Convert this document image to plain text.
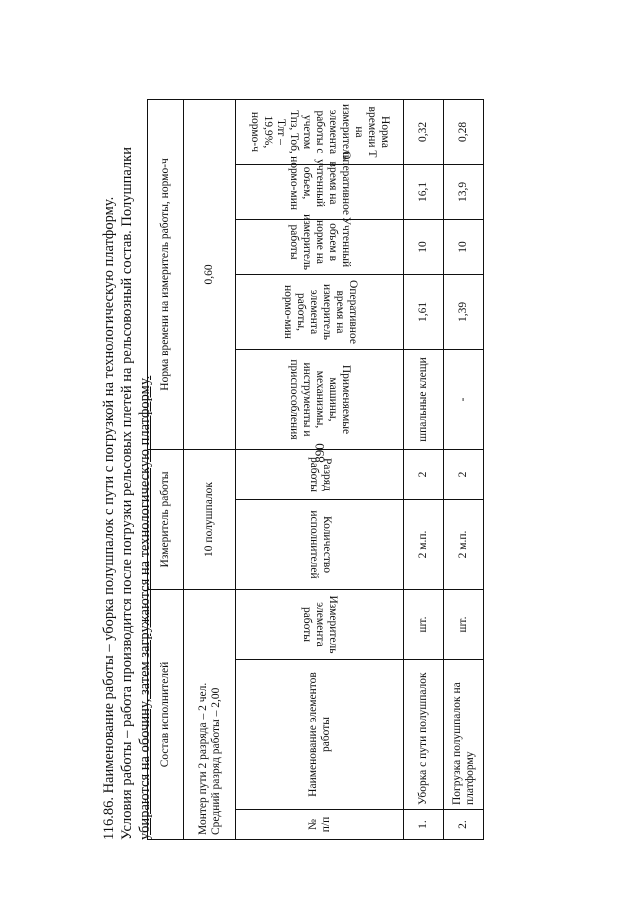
890

116.86. Наименование работы – уборка полушпалок с пути с погрузкой на технологическую платформу. Условия работы – работа производится после погрузки рельсовых плетей на рельсовозный состав. Полушпалки убираются на обочину, затем загружаются на технологическую платформу. Состав исполнителей			Измеритель работы		Норма времени на измеритель работы, нормо-ч				
Монтер пути 2 разряда – 2 чел.
Средний разряд работы – 2,00			10 полушпалок		0,60				
№ п/п	Наименование элементов работы	Измеритель элемента работы	Количество исполнителей	Разряд работы	Применяемые машины, механизмы, инструменты и приспособления	Оперативное время на измеритель элемента работы, нормо-мин	Учтенный объем в норме на измеритель работы	Оперативное время на учтенный объем, нормо-мин	Норма времени Т на измеритель элемента работы с учетом Тпз, Тоб, Тлт – 19,9%, нормо-ч
1.	Уборка с пути полушпалок	шт.	2 м.п.	2	шпальные клещи	1,61	10	16,1	0,32
2.	Погрузка полушпалок на платформу	шт.	2 м.п.	2	-	1,39	10	13,9	0,28
